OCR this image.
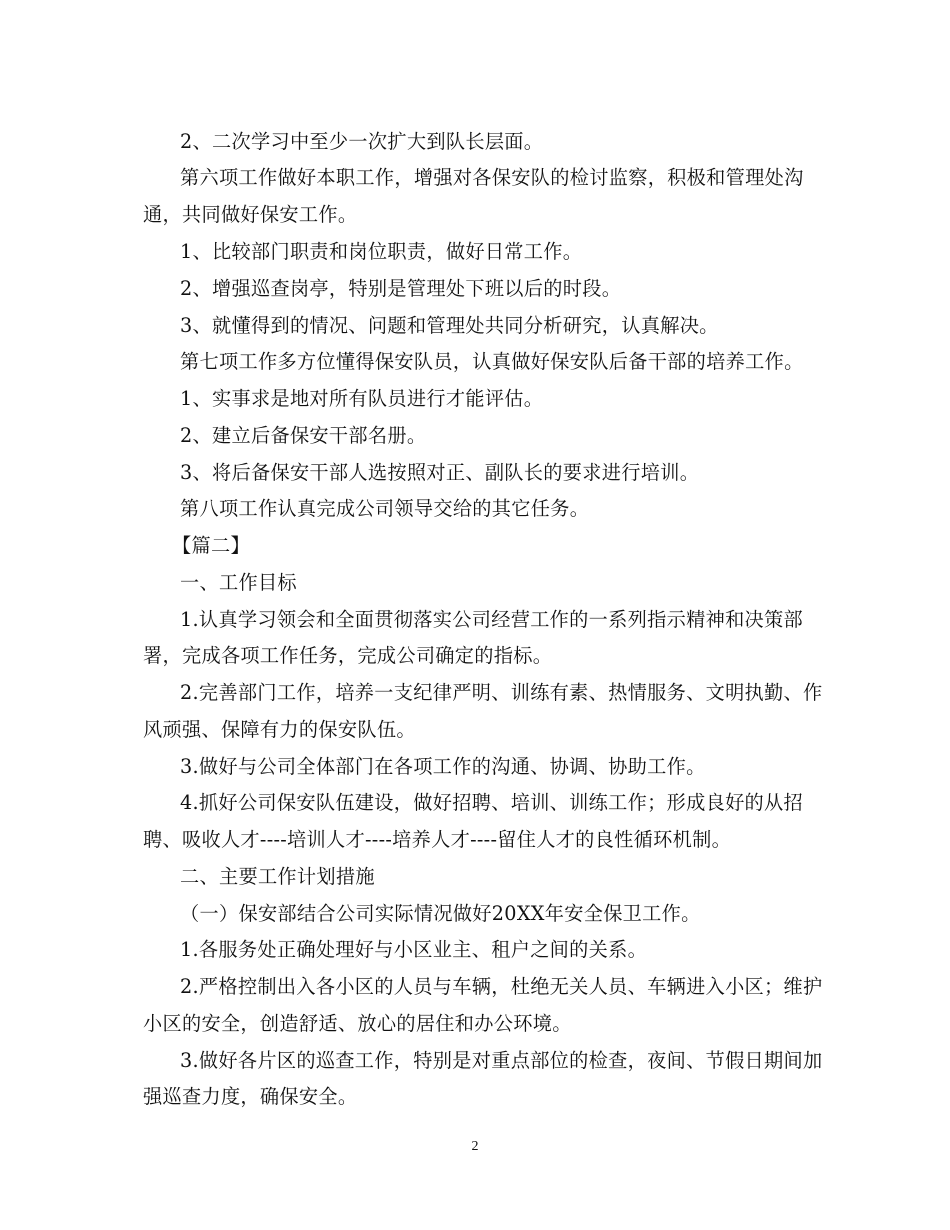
2、二次学习中至少一次扩大到队长层面。
第六项工作做好本职工作，增强对各保安队的检讨监察，积极和管理处沟
通，共同做好保安工作。
1、比较部门职责和岗位职责，做好日常工作。
2、增强巡查岗亭，特别是管理处下班以后的时段。
3、就懂得到的情况、问题和管理处共同分析研究，认真解决。
第七项工作多方位懂得保安队员，认真做好保安队后备干部的培养工作。
1、实事求是地对所有队员进行才能评估。
2、建立后备保安干部名册。
3、将后备保安干部人选按照对正、副队长的要求进行培训。
第八项工作认真完成公司领导交给的其它任务。
【篇二】
一、工作目标
1.认真学习领会和全面贯彻落实公司经营工作的一系列指示精神和决策部
署，完成各项工作任务，完成公司确定的指标。
2.完善部门工作，培养一支纪律严明、训练有素、热情服务、文明执勤、作
风顽强、保障有力的保安队伍。
3.做好与公司全体部门在各项工作的沟通、协调、协助工作。
4.抓好公司保安队伍建设，做好招聘、培训、训练工作；形成良好的从招
聘、吸收人才----培训人才----培养人才----留住人才的良性循环机制。
二、主要工作计划措施
（一）保安部结合公司实际情况做好20XX年安全保卫工作。
1.各服务处正确处理好与小区业主、租户之间的关系。
2.严格控制出入各小区的人员与车辆，杜绝无关人员、车辆进入小区；维护
小区的安全，创造舒适、放心的居住和办公环境。
3.做好各片区的巡查工作，特别是对重点部位的检查，夜间、节假日期间加
强巡查力度，确保安全。
2
